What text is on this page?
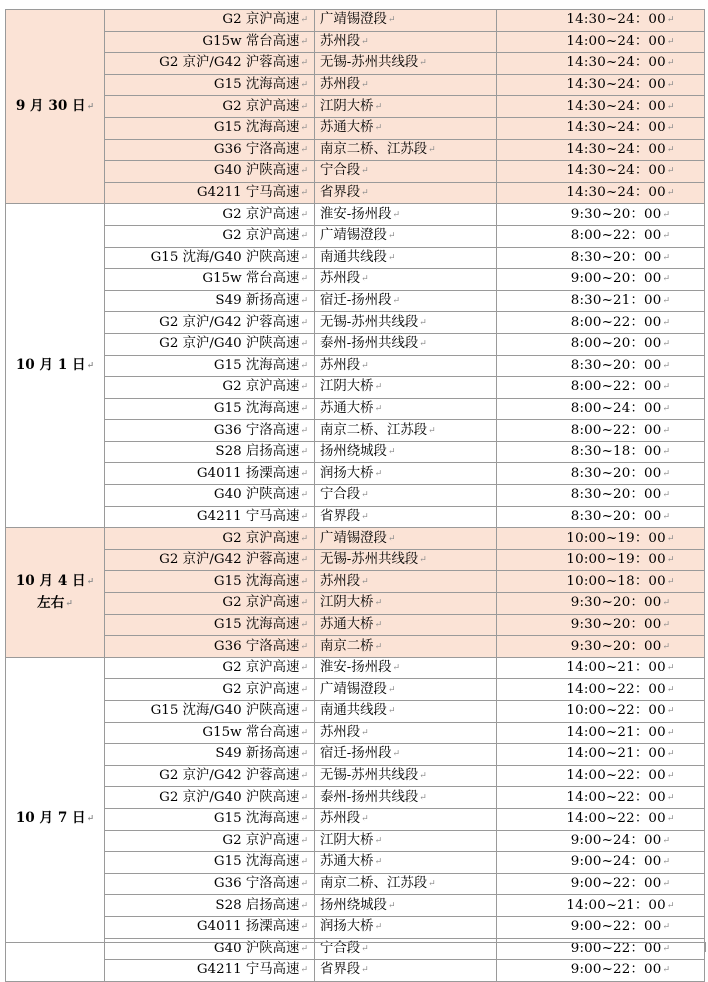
9 月 30 日↵	G2 京沪高速↵	广靖锡澄段↵	14:30~24：00↵
	G15w 常台高速↵	苏州段↵	14:00~24：00↵
	G2 京沪/G42 沪蓉高速↵	无锡-苏州共线段↵	14:30~24：00↵
	G15 沈海高速↵	苏州段↵	14:30~24：00↵
	G2 京沪高速↵	江阴大桥↵	14:30~24：00↵
	G15 沈海高速↵	苏通大桥↵	14:30~24：00↵
	G36 宁洛高速↵	南京二桥、江苏段↵	14:30~24：00↵
	G40 沪陕高速↵	宁合段↵	14:30~24：00↵
	G4211 宁马高速↵	省界段↵	14:30~24：00↵

10 月 1 日↵	G2 京沪高速↵	淮安-扬州段↵	9:30~20：00↵
	G2 京沪高速↵	广靖锡澄段↵	8:00~22：00↵
	G15 沈海/G40 沪陕高速↵	南通共线段↵	8:30~20：00↵
	G15w 常台高速↵	苏州段↵	9:00~20：00↵
	S49 新扬高速↵	宿迁-扬州段↵	8:30~21：00↵
	G2 京沪/G42 沪蓉高速↵	无锡-苏州共线段↵	8:00~22：00↵
	G2 京沪/G40 沪陕高速↵	泰州-扬州共线段↵	8:00~20：00↵
	G15 沈海高速↵	苏州段↵	8:30~20：00↵
	G2 京沪高速↵	江阴大桥↵	8:00~22：00↵
	G15 沈海高速↵	苏通大桥↵	8:00~24：00↵
	G36 宁洛高速↵	南京二桥、江苏段↵	8:00~22：00↵
	S28 启扬高速↵	扬州绕城段↵	8:30~18：00↵
	G4011 扬溧高速↵	润扬大桥↵	8:30~20：00↵
	G40 沪陕高速↵	宁合段↵	8:30~20：00↵
	G4211 宁马高速↵	省界段↵	8:30~20：00↵

10 月 4 日↵
左右↵	G2 京沪高速↵	广靖锡澄段↵	10:00~19：00↵
	G2 京沪/G42 沪蓉高速↵	无锡-苏州共线段↵	10:00~19：00↵
	G15 沈海高速↵	苏州段↵	10:00~18：00↵
	G2 京沪高速↵	江阴大桥↵	9:30~20：00↵
	G15 沈海高速↵	苏通大桥↵	9:30~20：00↵
	G36 宁洛高速↵	南京二桥↵	9:30~20：00↵

10 月 7 日↵	G2 京沪高速↵	淮安-扬州段↵	14:00~21：00↵
	G2 京沪高速↵	广靖锡澄段↵	14:00~22：00↵
	G15 沈海/G40 沪陕高速↵	南通共线段↵	10:00~22：00↵
	G15w 常台高速↵	苏州段↵	14:00~21：00↵
	S49 新扬高速↵	宿迁-扬州段↵	14:00~21：00↵
	G2 京沪/G42 沪蓉高速↵	无锡-苏州共线段↵	14:00~22：00↵
	G2 京沪/G40 沪陕高速↵	泰州-扬州共线段↵	14:00~22：00↵
	G15 沈海高速↵	苏州段↵	14:00~22：00↵
	G2 京沪高速↵	江阴大桥↵	9:00~24：00↵
	G15 沈海高速↵	苏通大桥↵	9:00~24：00↵
	G36 宁洛高速↵	南京二桥、江苏段↵	9:00~22：00↵
	S28 启扬高速↵	扬州绕城段↵	14:00~21：00↵
	G4011 扬溧高速↵	润扬大桥↵	9:00~22：00↵
	G40 沪陕高速↵	宁合段↵	9:00~22：00↵
	G4211 宁马高速↵	省界段↵	9:00~22：00↵
